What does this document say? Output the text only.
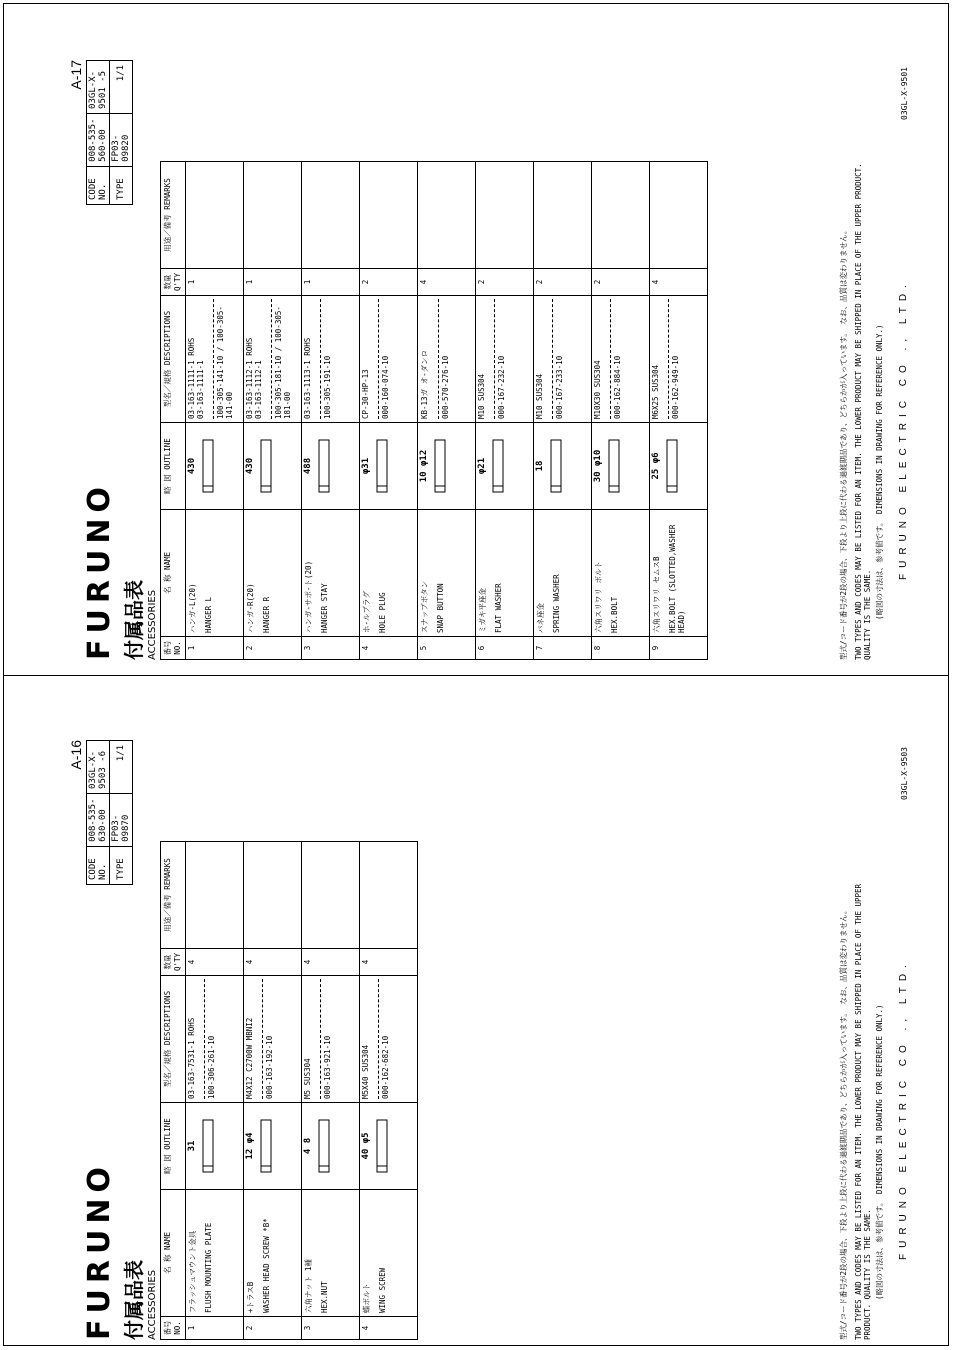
FURUNO
A-17
CODE NO.	008-535-560-00	03GL-X-9501 -5
TYPE	FP03-09820	1/1
付属品表 ACCESSORIES 番号 NO.	名 称 NAME	略 図 OUTLINE	型名／規格 DESCRIPTIONS	数量 Q'TY	用途／備考 REMARKS
1	ハンガ-L(20) HANGER L	430	03-163-1111-1 ROHS 03-163-1111-1 100-305-141-10 / 100-305-141-00	1	
2	ハンガ-R(20) HANGER R	430	03-163-1112-1 ROHS 03-163-1112-1 100-305-181-10 / 100-305-181-00	1	
3	ハンガ-サポ-ト(20) HANGER STAY	488	03-163-1113-1 ROHS 100-305-191-10	1	
4	ホ-ルプラグ HOLE PLUG	φ31	CP-30-HP-13 000-160-074-10	2	
5	スナップボタン SNAP BUTTON	10 φ12	KB-13ガ オ-ダンロ 000-570-276-10	4	
6	ミガキ平座金 FLAT WASHER	φ21	M10 SUS304 000-167-232-10	2	
7	バネ座金 SPRING WASHER	18	M10 SUS304 000-167-233-10	2	
8	六角スリワリ ボルト HEX.BOLT	30 φ10	M10X30 SUS304 000-162-884-10	2	
9	六角スリワリ セムスB HEX.BOLT (SLOTTED,WASHER HEAD)	25 φ6	M6X25 SUS304 000-162-949-10	4		型式/コード番号が2段の場合、下段より上段に代わる過渡期品であり、どちらかが入っています。 なお、品質は変わりません。 TWO TYPES AND CODES MAY BE LISTED FOR AN ITEM. THE LOWER PRODUCT MAY BE SHIPPED IN PLACE OF THE UPPER PRODUCT. QUALITY IS THE SAME. (略図の寸法は、参考値です。 DIMENSIONS IN DRAWING FOR REFERENCE ONLY.) FURUNO ELECTRIC CO ., LTD.
03GL-X-9501
FURUNO
A-16
CODE NO.	008-535-630-00	03GL-X-9503 -6
TYPE	FP03-09870	1/1
付属品表 ACCESSORIES 番号 NO.	名 称 NAME	略 図 OUTLINE	型名／規格 DESCRIPTIONS	数量 Q'TY	用途／備考 REMARKS
1	フラッシュマウント金具 FLUSH MOUNTING PLATE	31	03-163-7531-1 ROHS 100-306-261-10	4	
2	+トラスB WASHER HEAD SCREW *B*	12 φ4	M4X12 C2700W MBNI2 000-163-192-10	4	
3	六角ナット 1種 HEX.NUT	4 8	M5 SUS304 000-163-921-10	4	
4	蝶ボルト WING SCREW	40 φ5	M5X40 SUS304 000-162-682-10	4		型式/コード番号が2段の場合、下段より上段に代わる過渡期品であり、どちらかが入っています。 なお、品質は変わりません。 TWO TYPES AND CODES MAY BE LISTED FOR AN ITEM. THE LOWER PRODUCT MAY BE SHIPPED IN PLACE OF THE UPPER PRODUCT. QUALITY IS THE SAME. (略図の寸法は、参考値です。 DIMENSIONS IN DRAWING FOR REFERENCE ONLY.) FURUNO ELECTRIC CO ., LTD.
03GL-X-9503
